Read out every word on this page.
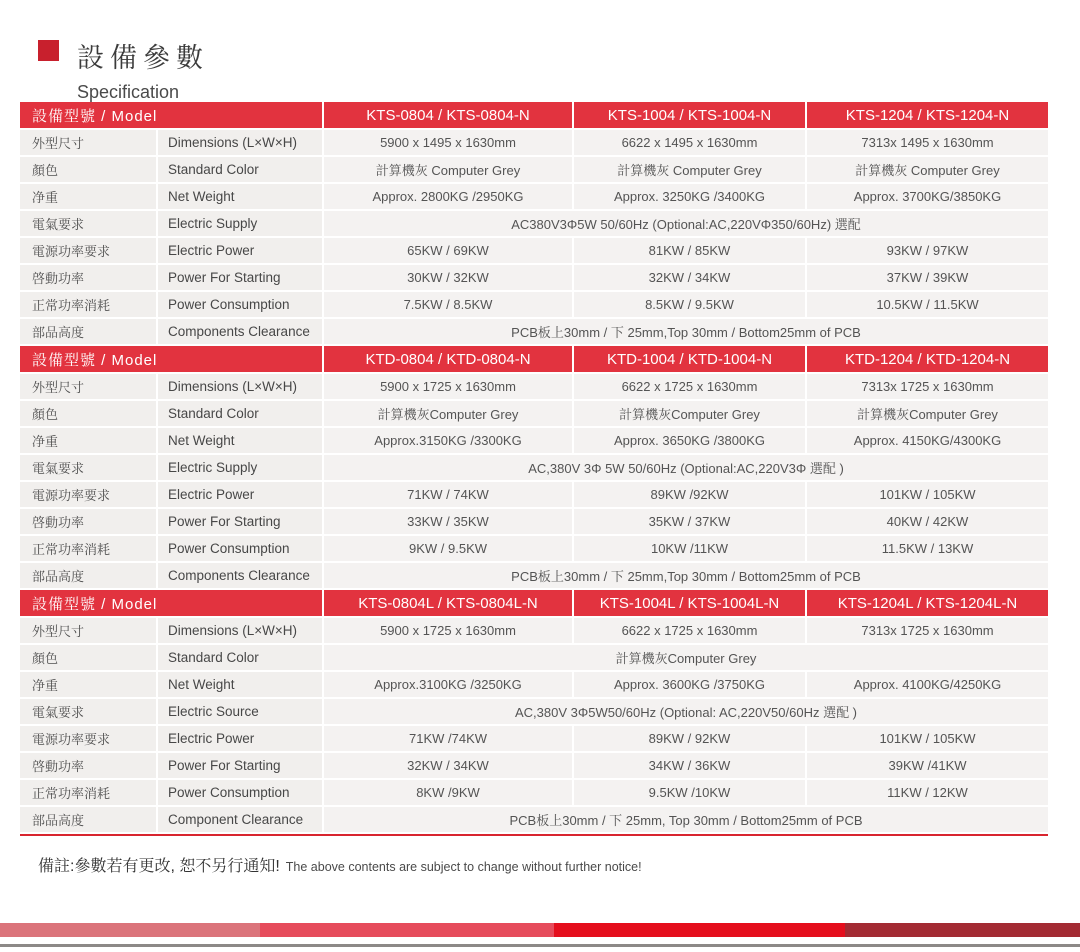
設備參數
Specification
設備型號 / Model	KTS-0804 / KTS-0804-N	KTS-1004 / KTS-1004-N	KTS-1204 / KTS-1204-N
外型尺寸	Dimensions (L×W×H)	5900 x 1495 x 1630mm	6622 x 1495 x 1630mm	7313x 1495 x 1630mm
顏色	Standard Color	計算機灰 Computer Grey	計算機灰 Computer Grey	計算機灰 Computer Grey
净重	Net Weight	Approx. 2800KG /2950KG	Approx. 3250KG /3400KG	Approx. 3700KG/3850KG
電氣要求	Electric Supply	AC380V3Φ5W 50/60Hz (Optional:AC,220VΦ350/60Hz) 選配
電源功率要求	Electric Power	65KW / 69KW	81KW / 85KW	93KW / 97KW
啓動功率	Power For Starting	30KW / 32KW	32KW / 34KW	37KW / 39KW
正常功率消耗	Power Consumption	7.5KW / 8.5KW	8.5KW / 9.5KW	10.5KW / 11.5KW
部品高度	Components Clearance	PCB板上30mm / 下 25mm,Top 30mm / Bottom25mm of PCB
設備型號 / Model	KTD-0804 / KTD-0804-N	KTD-1004 / KTD-1004-N	KTD-1204 / KTD-1204-N
外型尺寸	Dimensions (L×W×H)	5900 x 1725 x 1630mm	6622 x 1725 x 1630mm	7313x 1725 x 1630mm
顏色	Standard Color	計算機灰Computer Grey	計算機灰Computer Grey	計算機灰Computer Grey
净重	Net Weight	Approx.3150KG /3300KG	Approx. 3650KG /3800KG	Approx. 4150KG/4300KG
電氣要求	Electric Supply	AC,380V 3Φ 5W 50/60Hz (Optional:AC,220V3Φ 選配 )
電源功率要求	Electric Power	71KW / 74KW	89KW /92KW	101KW / 105KW
啓動功率	Power For Starting	33KW / 35KW	35KW / 37KW	40KW / 42KW
正常功率消耗	Power Consumption	9KW / 9.5KW	10KW /11KW	11.5KW / 13KW
部品高度	Components Clearance	PCB板上30mm / 下 25mm,Top 30mm / Bottom25mm of PCB
設備型號 / Model	KTS-0804L / KTS-0804L-N	KTS-1004L / KTS-1004L-N	KTS-1204L / KTS-1204L-N
外型尺寸	Dimensions (L×W×H)	5900 x 1725 x 1630mm	6622 x 1725 x 1630mm	7313x 1725 x 1630mm
顏色	Standard Color	計算機灰Computer Grey
净重	Net Weight	Approx.3100KG /3250KG	Approx. 3600KG /3750KG	Approx. 4100KG/4250KG
電氣要求	Electric Source	AC,380V 3Φ5W50/60Hz (Optional: AC,220V50/60Hz 選配 )
電源功率要求	Electric Power	71KW /74KW	89KW / 92KW	101KW / 105KW
啓動功率	Power For Starting	32KW / 34KW	34KW / 36KW	39KW /41KW
正常功率消耗	Power Consumption	8KW /9KW	9.5KW /10KW	11KW / 12KW
部品高度	Component Clearance	PCB板上30mm / 下 25mm, Top 30mm / Bottom25mm of PCB
備註:參數若有更改, 恕不另行通知! The above contents are subject to change without further notice!
